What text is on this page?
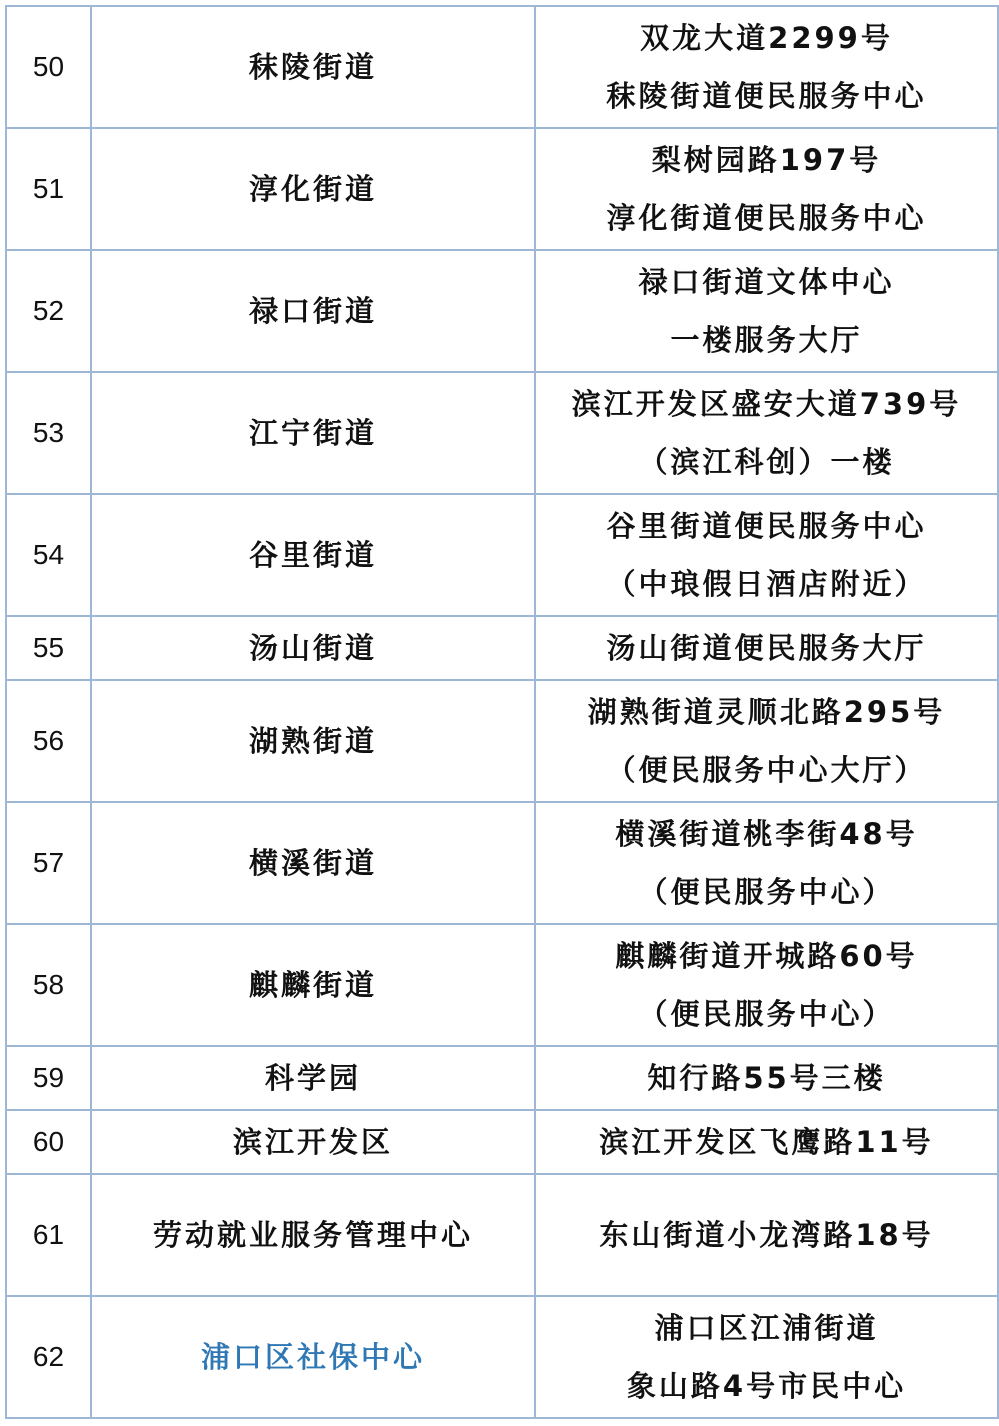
50	秣陵街道	双龙大道2299号
秣陵街道便民服务中心

51	淳化街道	梨树园路197号
淳化街道便民服务中心

52	禄口街道	禄口街道文体中心
一楼服务大厅

53	江宁街道	滨江开发区盛安大道739号
（滨江科创）一楼

54	谷里街道	谷里街道便民服务中心
（中琅假日酒店附近）

55	汤山街道	汤山街道便民服务大厅

56	湖熟街道	湖熟街道灵顺北路295号
（便民服务中心大厅）

57	横溪街道	横溪街道桃李街48号
（便民服务中心）

58	麒麟街道	麒麟街道开城路60号
（便民服务中心）

59	科学园	知行路55号三楼

60	滨江开发区	滨江开发区飞鹰路11号

61	劳动就业服务管理中心	东山街道小龙湾路18号

62	浦口区社保中心	浦口区江浦街道
象山路4号市民中心
